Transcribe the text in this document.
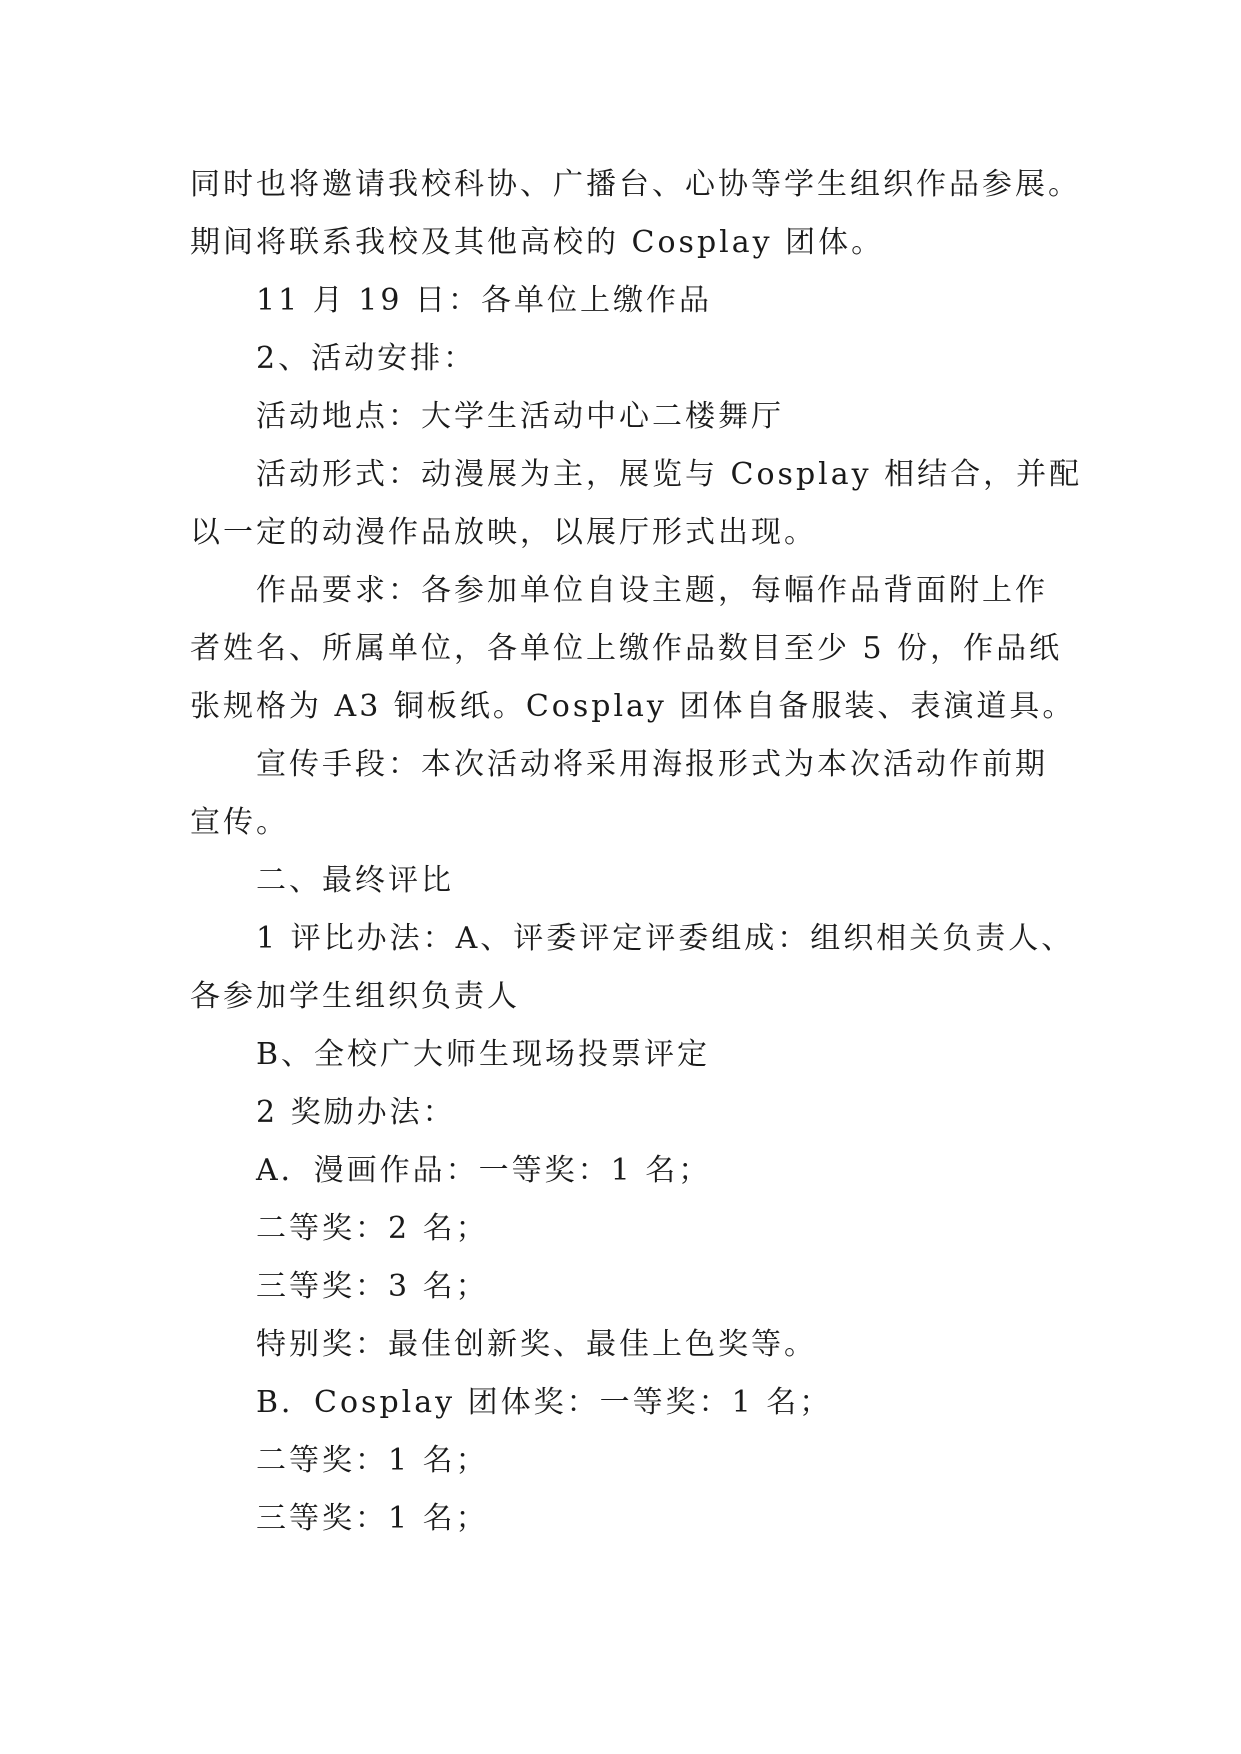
同时也将邀请我校科协、广播台、心协等学生组织作品参展。
期间将联系我校及其他高校的 Cosplay 团体。
11 月 19 日：各单位上缴作品
2、活动安排：
活动地点：大学生活动中心二楼舞厅
活动形式：动漫展为主，展览与 Cosplay 相结合，并配
以一定的动漫作品放映，以展厅形式出现。
作品要求：各参加单位自设主题，每幅作品背面附上作
者姓名、所属单位，各单位上缴作品数目至少 5 份，作品纸
张规格为 A3 铜板纸。Cosplay 团体自备服装、表演道具。
宣传手段：本次活动将采用海报形式为本次活动作前期
宣传。
二、最终评比
1 评比办法：A、评委评定评委组成：组织相关负责人、
各参加学生组织负责人
B、全校广大师生现场投票评定
2 奖励办法：
A．漫画作品：一等奖：1 名；
二等奖：2 名；
三等奖：3 名；
特别奖：最佳创新奖、最佳上色奖等。
B．Cosplay 团体奖：一等奖：1 名；
二等奖：1 名；
三等奖：1 名；
